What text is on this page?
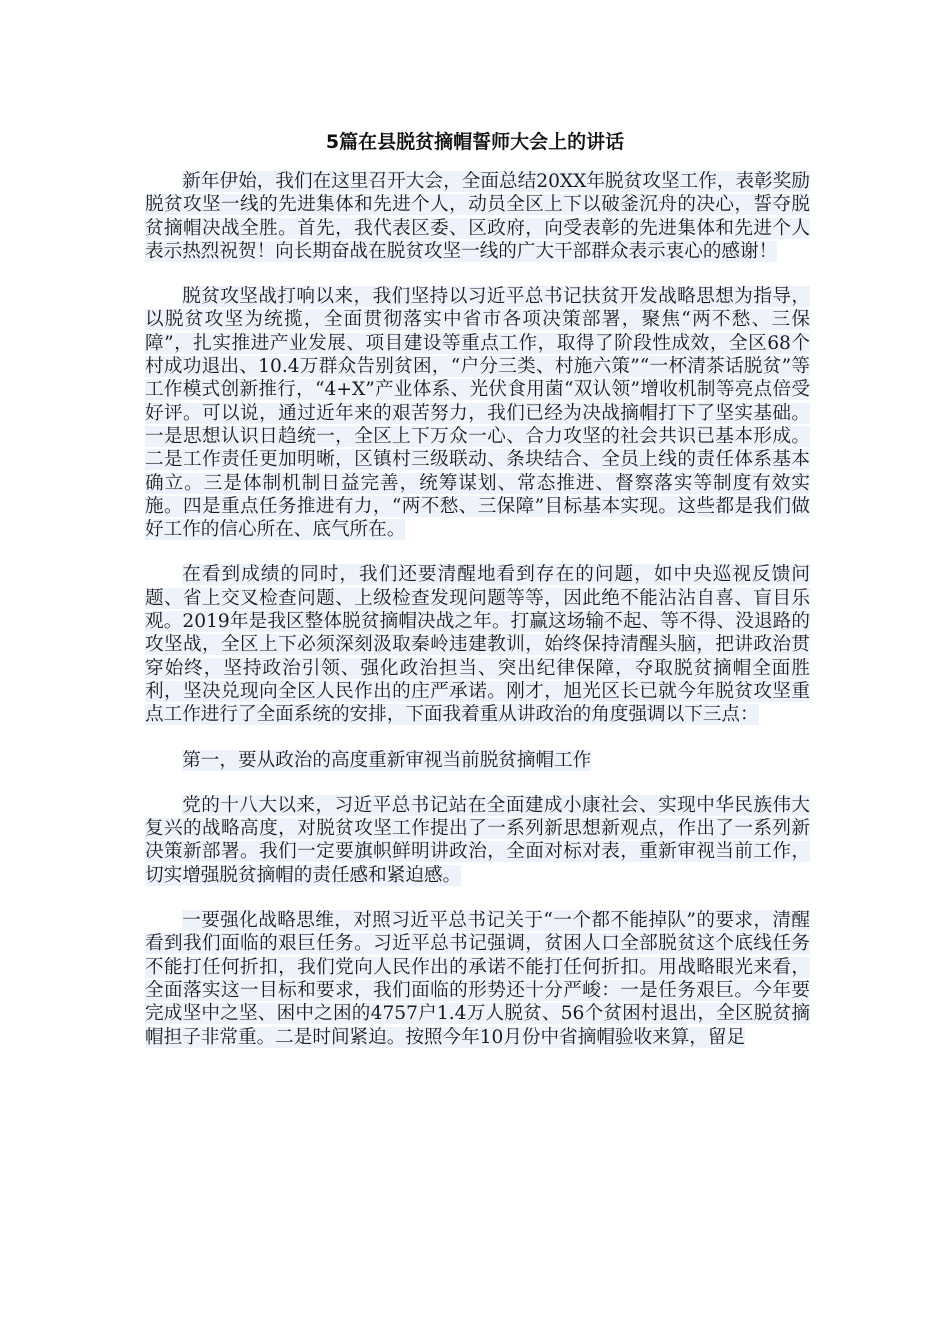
5篇在县脱贫摘帽誓师大会上的讲话

新年伊始，我们在这里召开大会，全面总结20XX年脱贫攻坚工作，表彰奖励脱贫攻坚一线的先进集体和先进个人，动员全区上下以破釜沉舟的决心，誓夺脱贫摘帽决战全胜。首先，我代表区委、区政府，向受表彰的先进集体和先进个人表示热烈祝贺！向长期奋战在脱贫攻坚一线的广大干部群众表示衷心的感谢！

脱贫攻坚战打响以来，我们坚持以习近平总书记扶贫开发战略思想为指导，以脱贫攻坚为统揽，全面贯彻落实中省市各项决策部署，聚焦“两不愁、三保障”，扎实推进产业发展、项目建设等重点工作，取得了阶段性成效，全区68个村成功退出、10.4万群众告别贫困，“户分三类、村施六策”“一杯清茶话脱贫”等工作模式创新推行，“4+X”产业体系、光伏食用菌“双认领”增收机制等亮点倍受好评。可以说，通过近年来的艰苦努力，我们已经为决战摘帽打下了坚实基础。一是思想认识日趋统一，全区上下万众一心、合力攻坚的社会共识已基本形成。二是工作责任更加明晰，区镇村三级联动、条块结合、全员上线的责任体系基本确立。三是体制机制日益完善，统筹谋划、常态推进、督察落实等制度有效实施。四是重点任务推进有力，“两不愁、三保障”目标基本实现。这些都是我们做好工作的信心所在、底气所在。

在看到成绩的同时，我们还要清醒地看到存在的问题，如中央巡视反馈问题、省上交叉检查问题、上级检查发现问题等等，因此绝不能沾沾自喜、盲目乐观。2019年是我区整体脱贫摘帽决战之年。打赢这场输不起、等不得、没退路的攻坚战，全区上下必须深刻汲取秦岭违建教训，始终保持清醒头脑，把讲政治贯穿始终，坚持政治引领、强化政治担当、突出纪律保障，夺取脱贫摘帽全面胜利，坚决兑现向全区人民作出的庄严承诺。刚才，旭光区长已就今年脱贫攻坚重点工作进行了全面系统的安排，下面我着重从讲政治的角度强调以下三点：

第一，要从政治的高度重新审视当前脱贫摘帽工作

党的十八大以来，习近平总书记站在全面建成小康社会、实现中华民族伟大复兴的战略高度，对脱贫攻坚工作提出了一系列新思想新观点，作出了一系列新决策新部署。我们一定要旗帜鲜明讲政治，全面对标对表，重新审视当前工作，切实增强脱贫摘帽的责任感和紧迫感。

一要强化战略思维，对照习近平总书记关于“一个都不能掉队”的要求，清醒看到我们面临的艰巨任务。习近平总书记强调，贫困人口全部脱贫这个底线任务不能打任何折扣，我们党向人民作出的承诺不能打任何折扣。用战略眼光来看，全面落实这一目标和要求，我们面临的形势还十分严峻：一是任务艰巨。今年要完成坚中之坚、困中之困的4757户1.4万人脱贫、56个贫困村退出，全区脱贫摘帽担子非常重。二是时间紧迫。按照今年10月份中省摘帽验收来算，留足
